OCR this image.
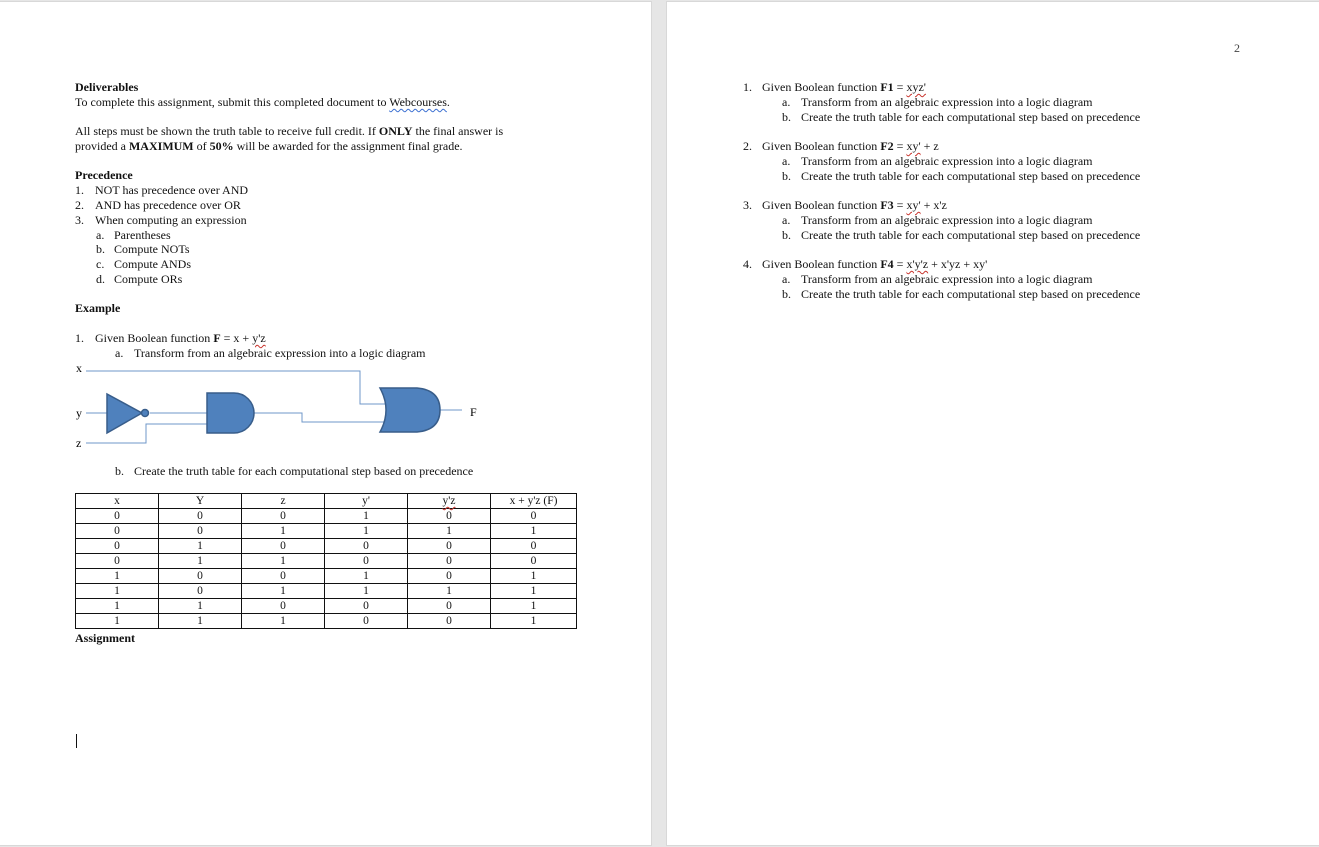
Deliverables
To complete this assignment, submit this completed document to Webcourses.
All steps must be shown the truth table to receive full credit. If ONLY the final answer is
provided a MAXIMUM of 50% will be awarded for the assignment final grade.
Precedence
1. NOT has precedence over AND
2. AND has precedence over OR
3. When computing an expression
a. Parentheses
b. Compute NOTs
c. Compute ANDs
d. Compute ORs
Example
1. Given Boolean function F = x + y'z
a. Transform from an algebraic expression into a logic diagram
x
y
z
F
b. Create the truth table for each computational step based on precedence
x	Y	z	y'	y'z	x + y'z (F)
0	0	0	1	0	0
0	0	1	1	1	1
0	1	0	0	0	0
0	1	1	0	0	0
1	0	0	1	0	1
1	0	1	1	1	1
1	1	0	0	0	1
1	1	1	0	0	1
Assignment
2
1. Given Boolean function F1 = xyz'
a. Transform from an algebraic expression into a logic diagram
b. Create the truth table for each computational step based on precedence
2. Given Boolean function F2 = xy' + z
a. Transform from an algebraic expression into a logic diagram
b. Create the truth table for each computational step based on precedence
3. Given Boolean function F3 = xy' + x'z
a. Transform from an algebraic expression into a logic diagram
b. Create the truth table for each computational step based on precedence
4. Given Boolean function F4 = x'y'z + x'yz + xy'
a. Transform from an algebraic expression into a logic diagram
b. Create the truth table for each computational step based on precedence
